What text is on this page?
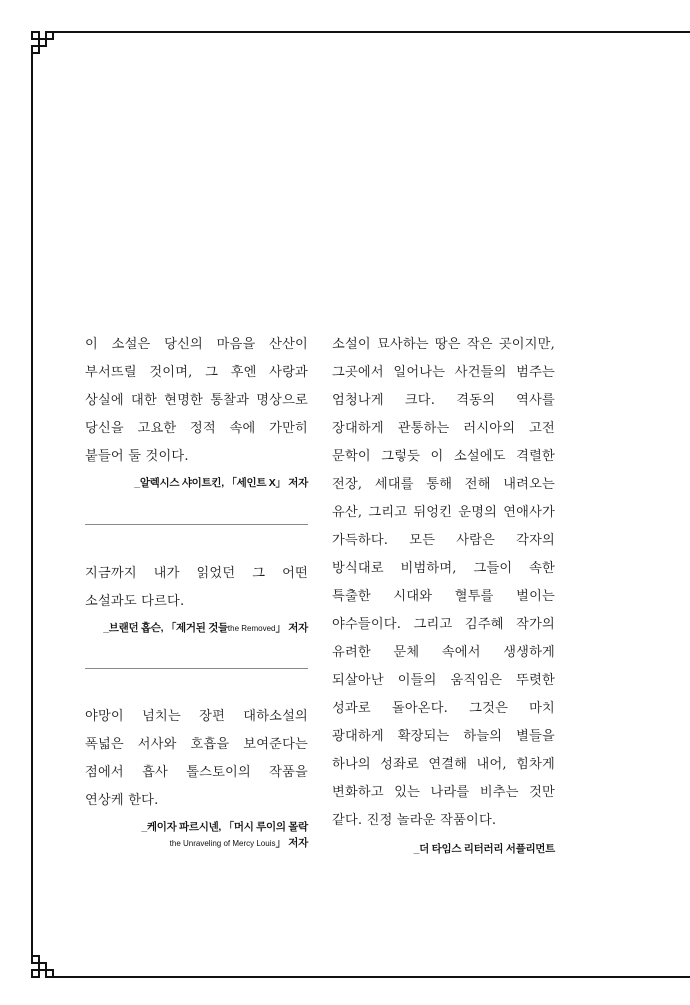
이 소설은 당신의 마음을 산산이 부서뜨릴 것이며, 그 후엔 사랑과 상실에 대한 현명한 통찰과 명상으로 당신을 고요한 정적 속에 가만히 붙들어 둘 것이다.

_알렉시스 샤이트킨, 「세인트 X」 저자

지금까지 내가 읽었던 그 어떤 소설과도 다르다.

_브랜던 홉슨, 「제거된 것들the Removed」 저자

야망이 넘치는 장편 대하소설의 폭넓은 서사와 호흡을 보여준다는 점에서 흡사 톨스토이의 작품을 연상케 한다.

_케이자 파르시넨, 「머시 루이의 몰락

the Unraveling of Mercy Louis」 저자

소설이 묘사하는 땅은 작은 곳이지만, 그곳에서 일어나는 사건들의 범주는 엄청나게 크다. 격동의 역사를 장대하게 관통하는 러시아의 고전 문학이 그렇듯 이 소설에도 격렬한 전장, 세대를 통해 전해 내려오는 유산, 그리고 뒤엉킨 운명의 연애사가 가득하다. 모든 사람은 각자의 방식대로 비범하며, 그들이 속한 특출한 시대와 혈투를 벌이는 야수들이다. 그리고 김주혜 작가의 유려한 문체 속에서 생생하게 되살아난 이들의 움직임은 뚜렷한 성과로 돌아온다. 그것은 마치 광대하게 확장되는 하늘의 별들을 하나의 성좌로 연결해 내어, 힘차게 변화하고 있는 나라를 비추는 것만 같다. 진정 놀라운 작품이다.

_더 타임스 리터러리 서플리먼트
